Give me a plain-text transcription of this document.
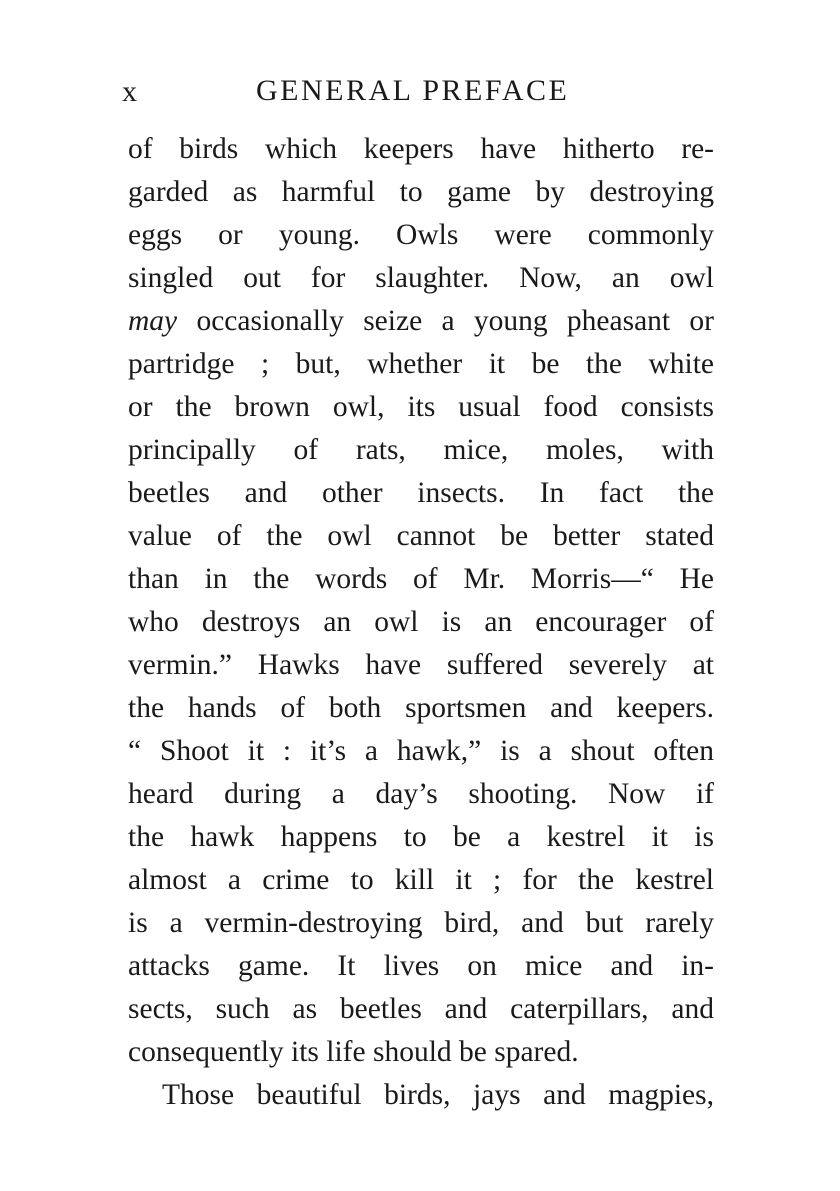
x	GENERAL PREFACE
of birds which keepers have hitherto re-
garded as harmful to game by destroying
eggs or young. Owls were commonly
singled out for slaughter. Now, an owl
may occasionally seize a young pheasant or
partridge ; but, whether it be the white
or the brown owl, its usual food consists
principally of rats, mice, moles, with
beetles and other insects. In fact the
value of the owl cannot be better stated
than in the words of Mr. Morris—“ He
who destroys an owl is an encourager of
vermin.” Hawks have suffered severely at
the hands of both sportsmen and keepers.
“ Shoot it : it’s a hawk,” is a shout often
heard during a day’s shooting. Now if
the hawk happens to be a kestrel it is
almost a crime to kill it ; for the kestrel
is a vermin-destroying bird, and but rarely
attacks game. It lives on mice and in-
sects, such as beetles and caterpillars, and
consequently its life should be spared.
Those beautiful birds, jays and magpies,
